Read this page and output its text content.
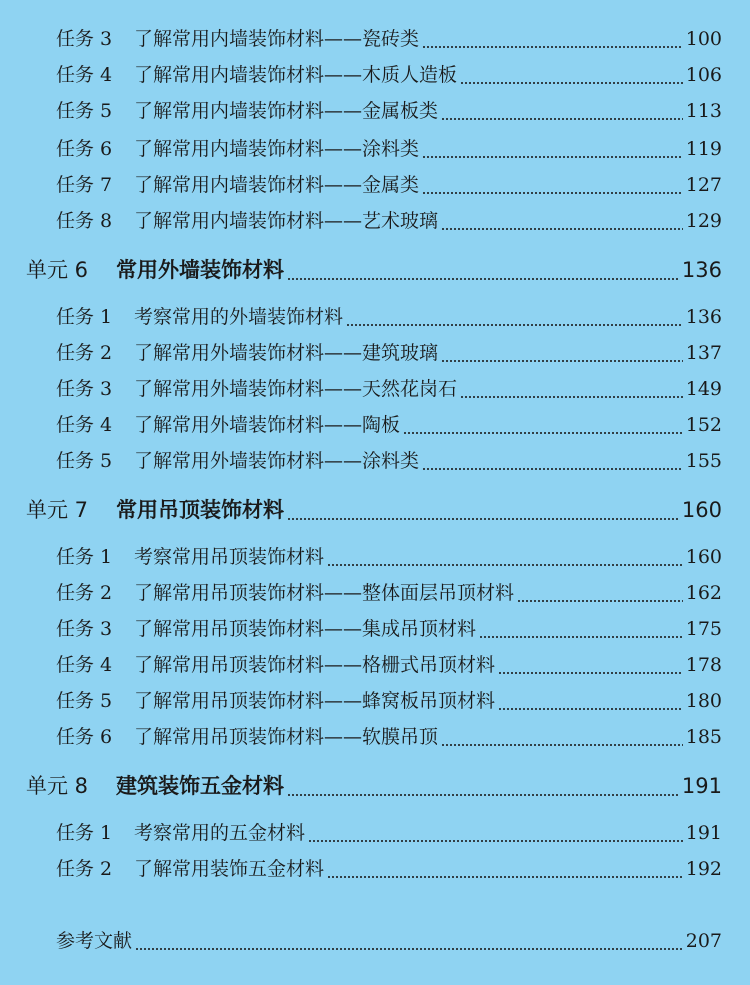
任务 3	了解常用内墙装饰材料——瓷砖类	100
任务 4	了解常用内墙装饰材料——木质人造板	106
任务 5	了解常用内墙装饰材料——金属板类	113
任务 6	了解常用内墙装饰材料——涂料类	119
任务 7	了解常用内墙装饰材料——金属类	127
任务 8	了解常用内墙装饰材料——艺术玻璃	129
单元 6	常用外墙装饰材料	136
任务 1	考察常用的外墙装饰材料	136
任务 2	了解常用外墙装饰材料——建筑玻璃	137
任务 3	了解常用外墙装饰材料——天然花岗石	149
任务 4	了解常用外墙装饰材料——陶板	152
任务 5	了解常用外墙装饰材料——涂料类	155
单元 7	常用吊顶装饰材料	160
任务 1	考察常用吊顶装饰材料	160
任务 2	了解常用吊顶装饰材料——整体面层吊顶材料	162
任务 3	了解常用吊顶装饰材料——集成吊顶材料	175
任务 4	了解常用吊顶装饰材料——格栅式吊顶材料	178
任务 5	了解常用吊顶装饰材料——蜂窝板吊顶材料	180
任务 6	了解常用吊顶装饰材料——软膜吊顶	185
单元 8	建筑装饰五金材料	191
任务 1	考察常用的五金材料	191
任务 2	了解常用装饰五金材料	192
参考文献	207
